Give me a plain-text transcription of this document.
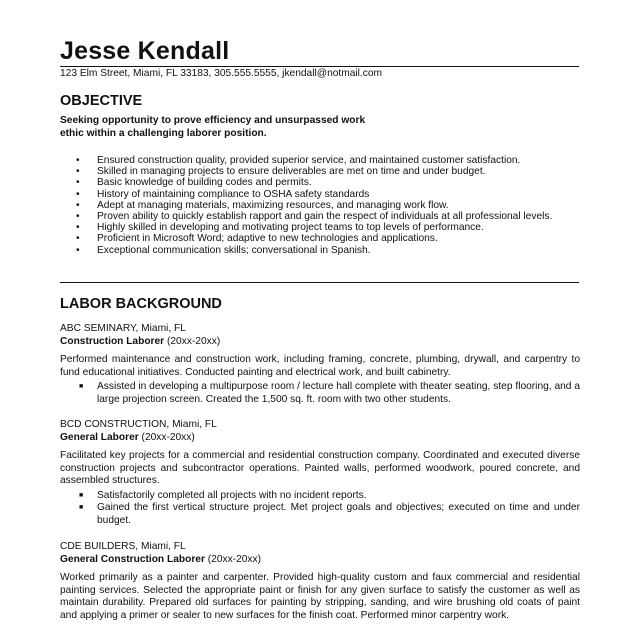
Jesse Kendall
123 Elm Street, Miami, FL 33183, 305.555.5555, jkendall@notmail.com
OBJECTIVE
Seeking opportunity to prove efficiency and unsurpassed work ethic within a challenging laborer position.
• Ensured construction quality, provided superior service, and maintained customer satisfaction.
• Skilled in managing projects to ensure deliverables are met on time and under budget.
• Basic knowledge of building codes and permits.
• History of maintaining compliance to OSHA safety standards
• Adept at managing materials, maximizing resources, and managing work flow.
• Proven ability to quickly establish rapport and gain the respect of individuals at all professional levels.
• Highly skilled in developing and motivating project teams to top levels of performance.
• Proficient in Microsoft Word; adaptive to new technologies and applications.
• Exceptional communication skills; conversational in Spanish.
LABOR BACKGROUND
ABC SEMINARY, Miami, FL
Construction Laborer (20xx-20xx)
Performed maintenance and construction work, including framing, concrete, plumbing, drywall, and carpentry to fund educational initiatives. Conducted painting and electrical work, and built cabinetry.
■ Assisted in developing a multipurpose room / lecture hall complete with theater seating, step flooring, and a large projection screen. Created the 1,500 sq. ft. room with two other students.
BCD CONSTRUCTION, Miami, FL
General Laborer (20xx-20xx)
Facilitated key projects for a commercial and residential construction company. Coordinated and executed diverse construction projects and subcontractor operations. Painted walls, performed woodwork, poured concrete, and assembled structures.
■ Satisfactorily completed all projects with no incident reports.
■ Gained the first vertical structure project. Met project goals and objectives; executed on time and under budget.
CDE BUILDERS, Miami, FL
General Construction Laborer (20xx-20xx)
Worked primarily as a painter and carpenter. Provided high-quality custom and faux commercial and residential painting services. Selected the appropriate paint or finish for any given surface to satisfy the customer as well as maintain durability. Prepared old surfaces for painting by stripping, sanding, and wire brushing old coats of paint and applying a primer or sealer to new surfaces for the finish coat. Performed minor carpentry work.
